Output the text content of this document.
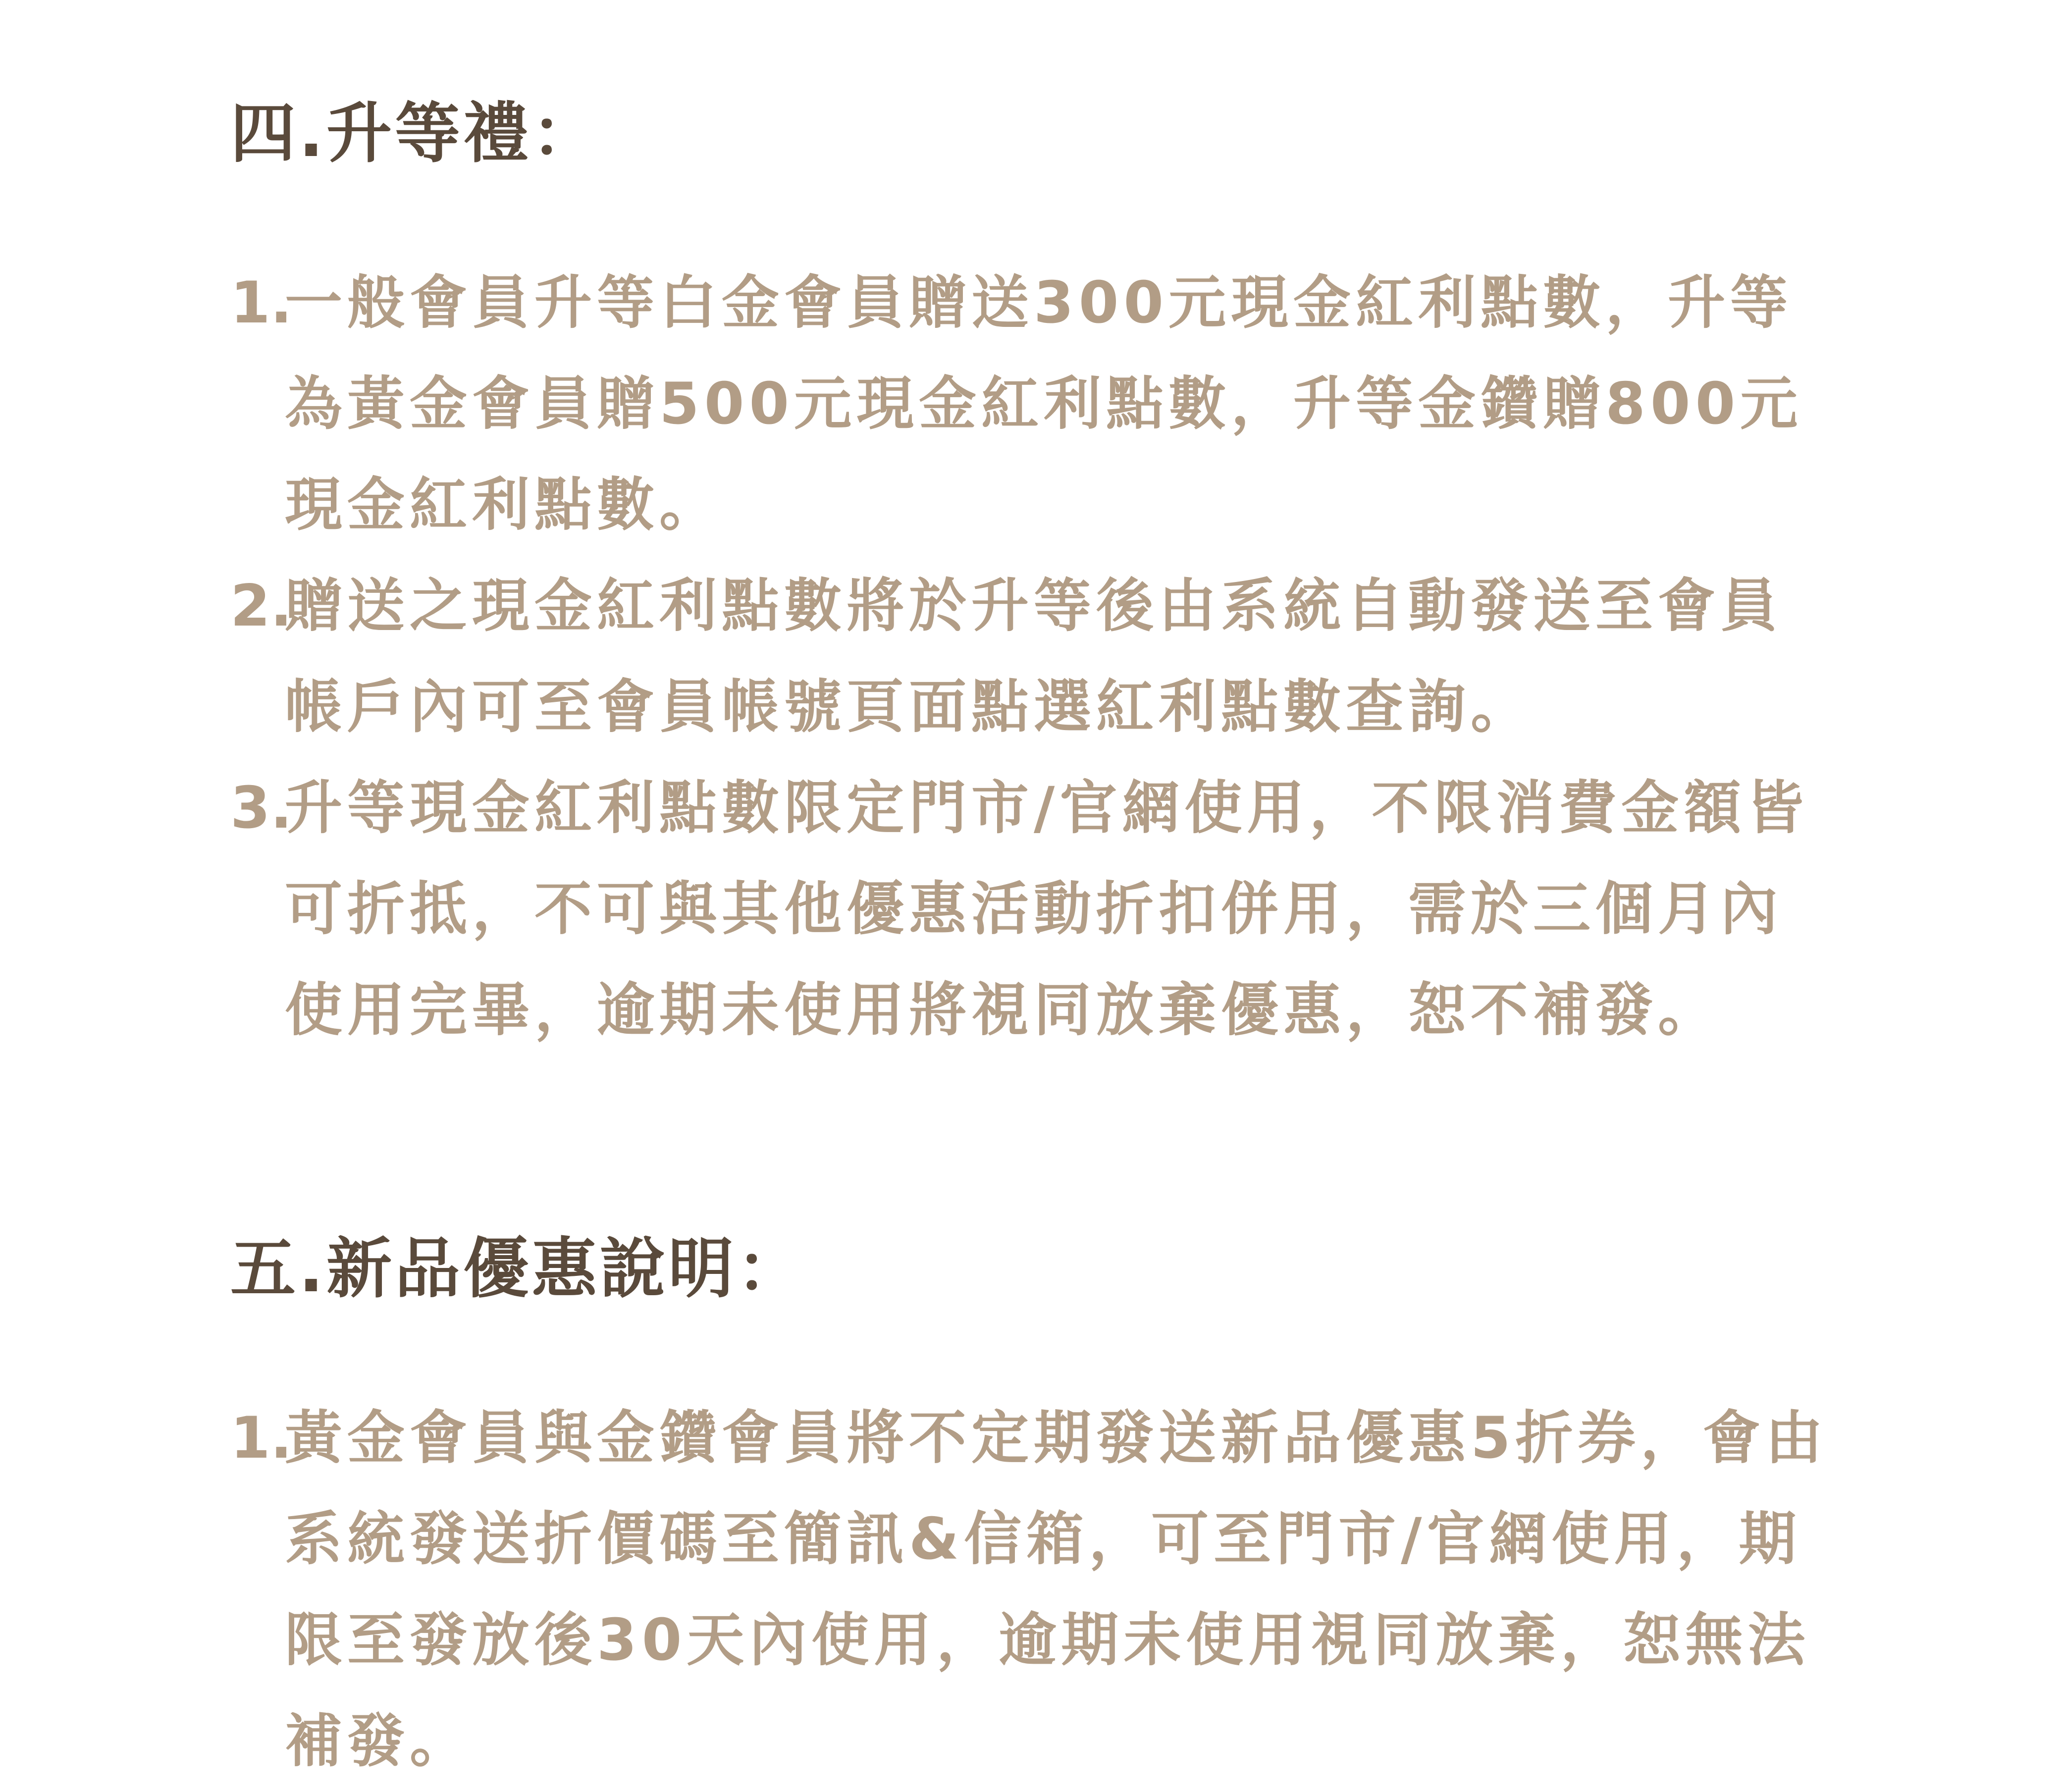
四.升等禮：
1.
一般會員升等白金會員贈送300元現金紅利點數，升等為黃金會員贈500元現金紅利點數，升等金鑽贈800元現金紅利點數。
2.
贈送之現金紅利點數將於升等後由系統自動發送至會員帳戶內可至會員帳號頁面點選紅利點數查詢。
3.
升等現金紅利點數限定門市/官網使用，不限消費金額皆可折抵，不可與其他優惠活動折扣併用，需於三個月內使用完畢，逾期未使用將視同放棄優惠，恕不補發。
五.新品優惠說明：
1.
黃金會員與金鑽會員將不定期發送新品優惠5折券，會由系統發送折價碼至簡訊&信箱，可至門市/官網使用，期限至發放後30天內使用，逾期未使用視同放棄，恕無法補發。
